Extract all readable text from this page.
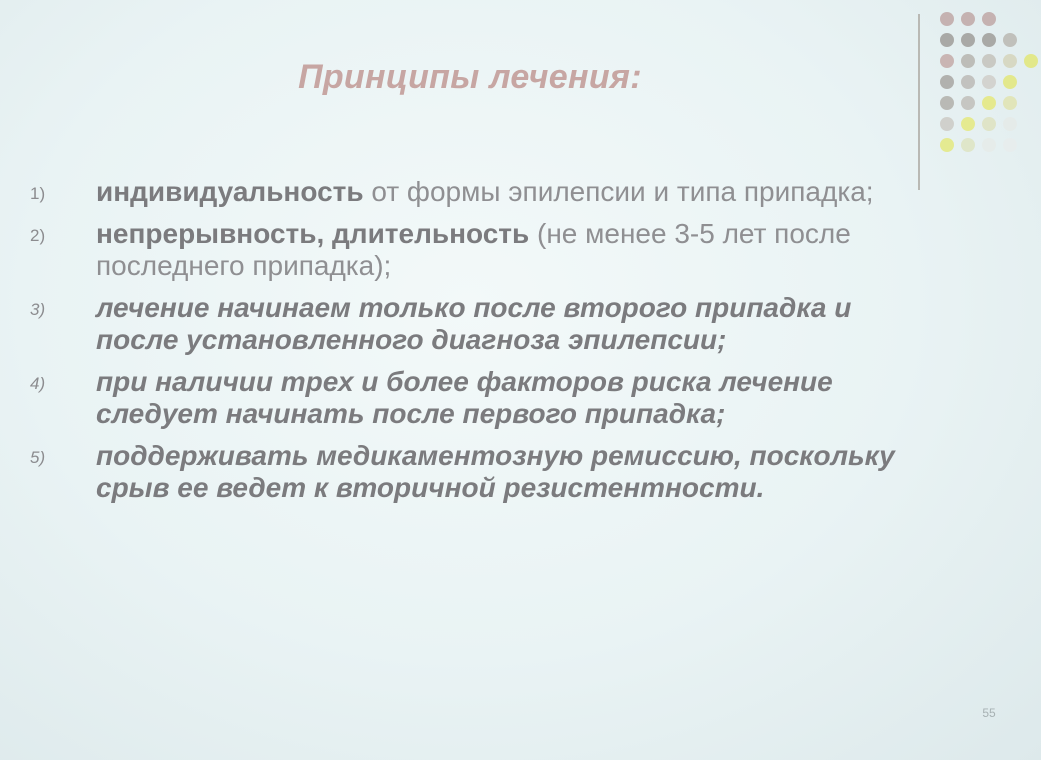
Принципы лечения:
1)	индивидуальность от формы эпилепсии и типа припадка;
2)	непрерывность, длительность (не менее 3-5 лет после последнего припадка);
3)	лечение начинаем только после второго припадка и после установленного диагноза эпилепсии;
4)	при наличии трех и более факторов риска лечение следует начинать после первого припадка;
5)	поддерживать медикаментозную ремиссию, поскольку срыв ее ведет к вторичной резистентности.
55
